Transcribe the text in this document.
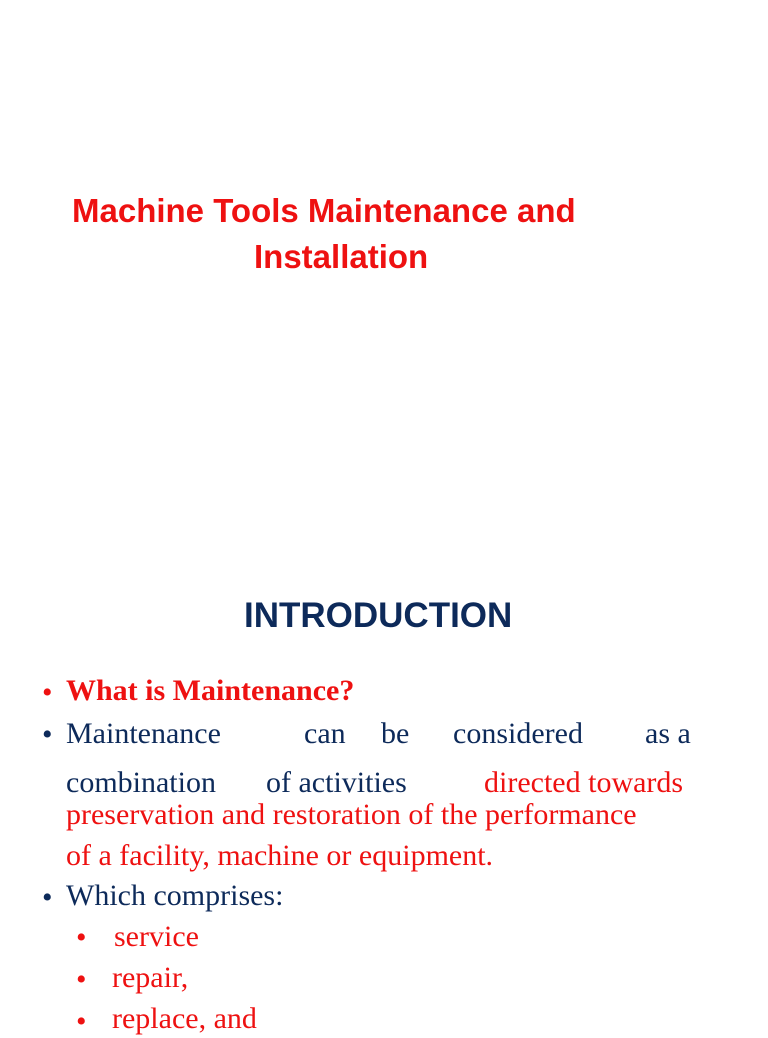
Machine Tools Maintenance and
Installation
INTRODUCTION
• What is Maintenance?
• Maintenance	can be considered as a
combination of activities	directed towards
preservation and restoration of the performance
of a facility, machine or equipment.
• Which comprises:
• service
• repair,
• replace, and
